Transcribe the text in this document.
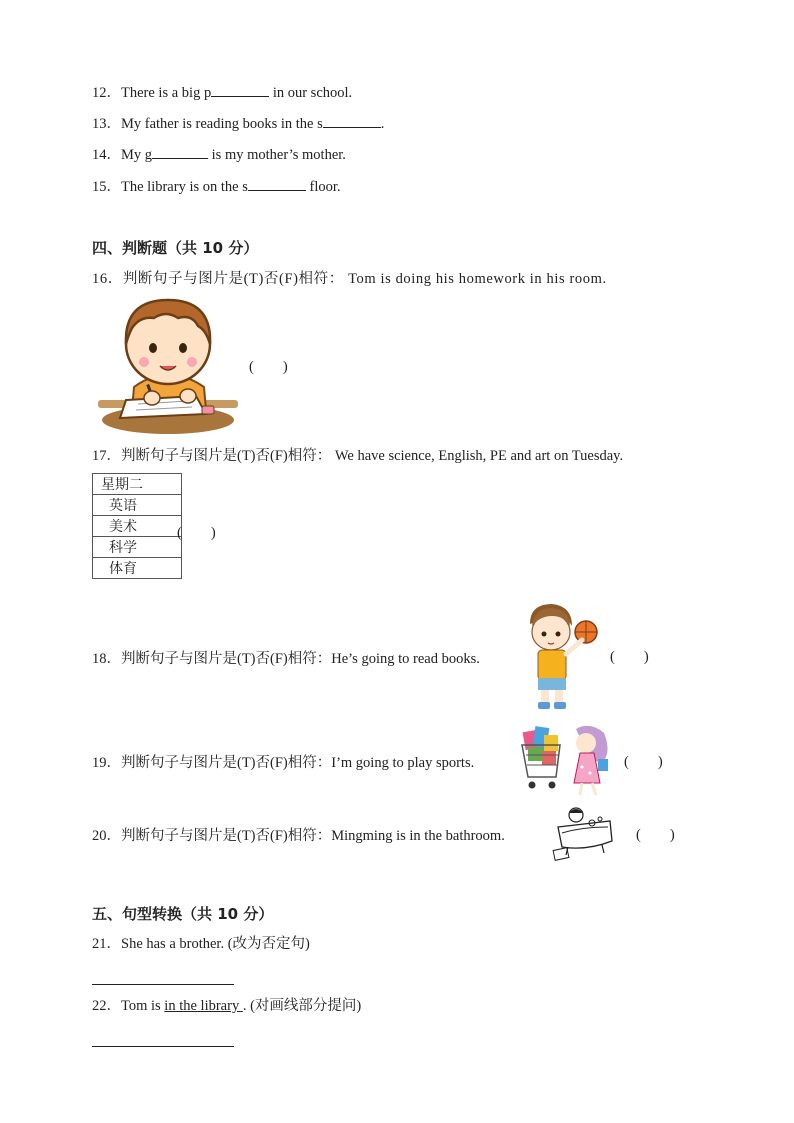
12．There is a big p	in our school.
13．My father is reading books in the s	.
14．My g	is my mother’s mother.
15．The library is on the s	floor.
四、判断题（共 10 分）
16．判断句子与图片是(T)否(F)相符： Tom is doing his homework in his room.
(        )
17．判断句子与图片是(T)否(F)相符： We have science, English, PE and art on Tuesday.
星期二
英语
美术
科学
体育
(        )
18．判断句子与图片是(T)否(F)相符：He’s going to read books.	(        )
19．判断句子与图片是(T)否(F)相符：I’m going to play sports.	(        )
20．判断句子与图片是(T)否(F)相符：Mingming is in the bathroom.	(        )
五、句型转换（共 10 分）
21．She has a brother. (改为否定句)
22．Tom is in the library . (对画线部分提问)
